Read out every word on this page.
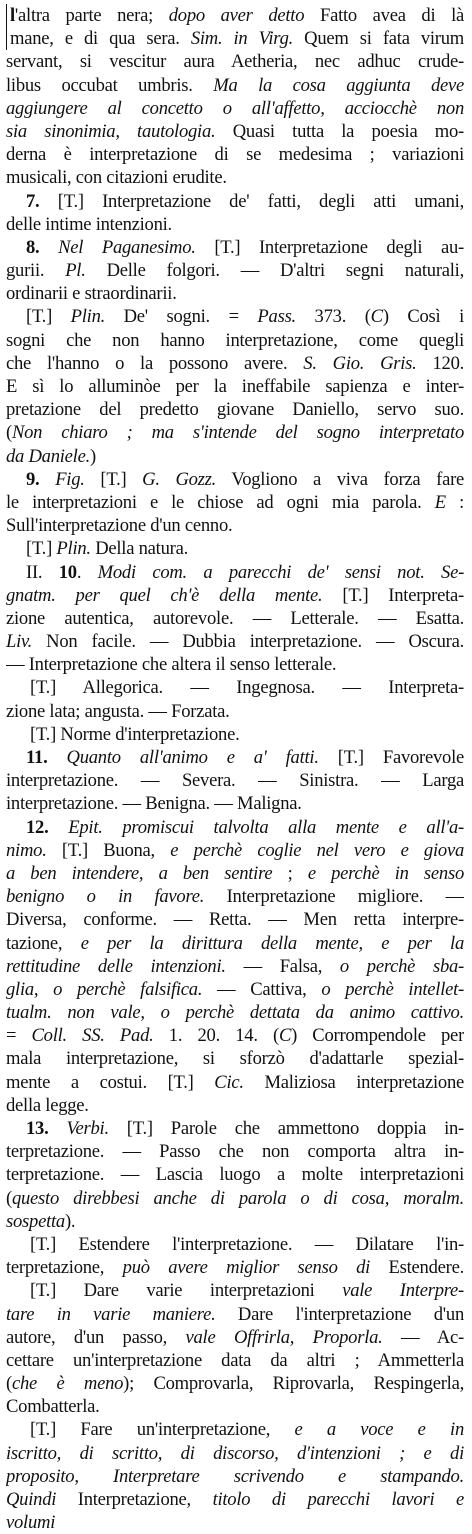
l'altra parte nera; dopo aver detto Fatto avea di là
mane, e di qua sera. Sim. in Virg. Quem si fata virum
servant, si vescitur aura Aetheria, nec adhuc crude-
libus occubat umbris. Ma la cosa aggiunta deve
aggiungere al concetto o all'affetto, acciocchè non
sia sinonimia, tautologia. Quasi tutta la poesia mo-
derna è interpretazione di se medesima ; variazioni
musicali, con citazioni erudite.
7. [T.] Interpretazione de' fatti, degli atti umani,
delle intime intenzioni.
8. Nel Paganesimo. [T.] Interpretazione degli au-
gurii. Pl. Delle folgori. — D'altri segni naturali,
ordinarii e straordinarii.
[T.] Plin. De' sogni. = Pass. 373. (C) Così i
sogni che non hanno interpretazione, come quegli
che l'hanno o la possono avere. S. Gio. Gris. 120.
E sì lo alluminòe per la ineffabile sapienza e inter-
pretazione del predetto giovane Daniello, servo suo.
(Non chiaro ; ma s'intende del sogno interpretato
da Daniele.)
9. Fig. [T.] G. Gozz. Vogliono a viva forza fare
le interpretazioni e le chiose ad ogni mia parola. E :
Sull'interpretazione d'un cenno.
[T.] Plin. Della natura.
II. 10. Modi com. a parecchi de' sensi not. Se-
gnatm. per quel ch'è della mente. [T.] Interpreta-
zione autentica, autorevole. — Letterale. — Esatta.
Liv. Non facile. — Dubbia interpretazione. — Oscura.
— Interpretazione che altera il senso letterale.
[T.] Allegorica. — Ingegnosa. — Interpreta-
zione lata; angusta. — Forzata.
[T.] Norme d'interpretazione.
11. Quanto all'animo e a' fatti. [T.] Favorevole
interpretazione. — Severa. — Sinistra. — Larga
interpretazione. — Benigna. — Maligna.
12. Epit. promiscui talvolta alla mente e all'a-
nimo. [T.] Buona, e perchè coglie nel vero e giova
a ben intendere, a ben sentire ; e perchè in senso
benigno o in favore. Interpretazione migliore. —
Diversa, conforme. — Retta. — Men retta interpre-
tazione, e per la dirittura della mente, e per la
rettitudine delle intenzioni. — Falsa, o perchè sba-
glia, o perchè falsifica. — Cattiva, o perchè intellet-
tualm. non vale, o perchè dettata da animo cattivo.
= Coll. SS. Pad. 1. 20. 14. (C) Corrompendole per
mala interpretazione, si sforzò d'adattarle spezial-
mente a costui. [T.] Cic. Maliziosa interpretazione
della legge.
13. Verbi. [T.] Parole che ammettono doppia in-
terpretazione. — Passo che non comporta altra in-
terpretazione. — Lascia luogo a molte interpretazioni
(questo direbbesi anche di parola o di cosa, moralm.
sospetta).
[T.] Estendere l'interpretazione. — Dilatare l'in-
terpretazione, può avere miglior senso di Estendere.
[T.] Dare varie interpretazioni vale Interpre-
tare in varie maniere. Dare l'interpretazione d'un
autore, d'un passo, vale Offrirla, Proporla. — Ac-
cettare un'interpretazione data da altri ; Ammetterla
(che è meno); Comprovarla, Riprovarla, Respingerla,
Combatterla.
[T.] Fare un'interpretazione, e a voce e in
iscritto, di scritto, di discorso, d'intenzioni ; e di
proposito, Interpretare scrivendo e stampando.
Quindi Interpretazione, titolo di parecchi lavori e
volumi
